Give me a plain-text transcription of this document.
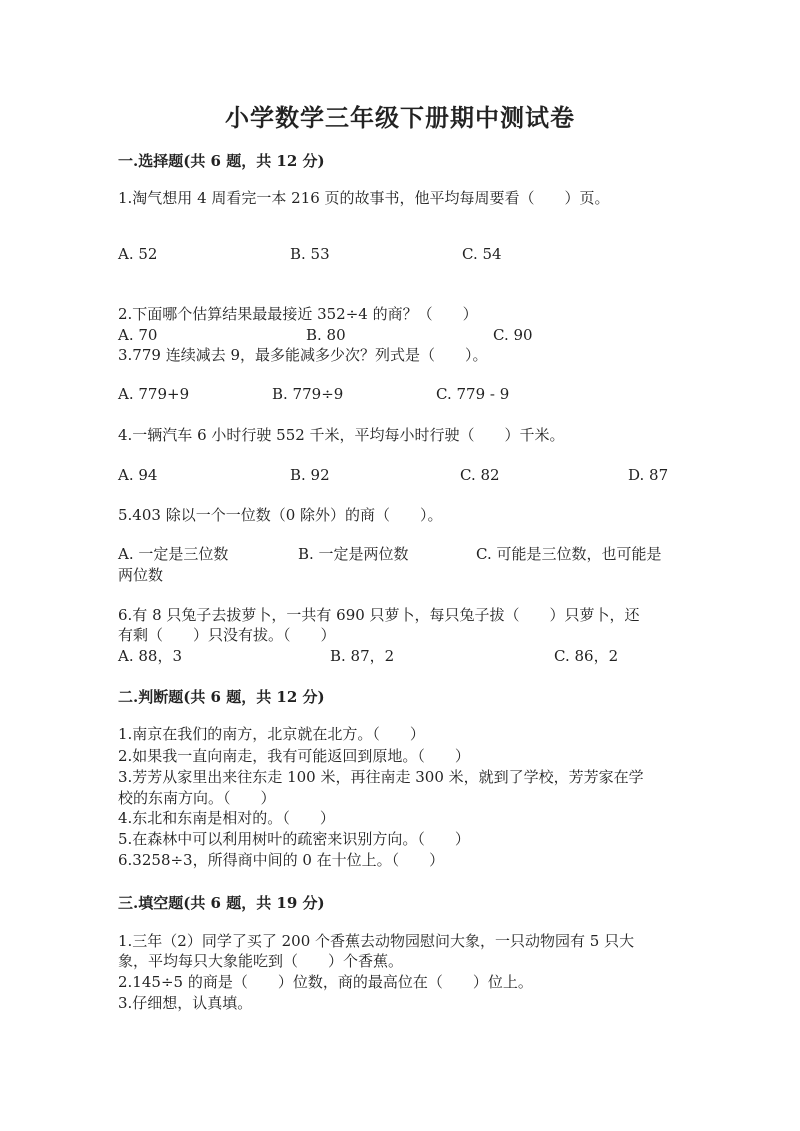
小学数学三年级下册期中测试卷
一.选择题(共 6 题，共 12 分)
1.淘气想用 4 周看完一本 216 页的故事书，他平均每周要看（　　）页。
A. 52	B. 53	C. 54
2.下面哪个估算结果最最接近 352÷4 的商？（　　）
A. 70	B. 80	C. 90
3.779 连续减去 9，最多能减多少次？列式是（　　）。
A. 779+9	B. 779÷9	C. 779 - 9
4.一辆汽车 6 小时行驶 552 千米，平均每小时行驶（　　）千米。
A. 94	B. 92	C. 82	D. 87
5.403 除以一个一位数（0 除外）的商（　　）。
A. 一定是三位数	B. 一定是两位数	C. 可能是三位数，也可能是
两位数
6.有 8 只兔子去拔萝卜，一共有 690 只萝卜，每只兔子拔（　　）只萝卜，还
有剩（　　）只没有拔。（　　）
A. 88，3	B. 87，2	C. 86，2
二.判断题(共 6 题，共 12 分)
1.南京在我们的南方，北京就在北方。（　　）
2.如果我一直向南走，我有可能返回到原地。（　　）
3.芳芳从家里出来往东走 100 米，再往南走 300 米，就到了学校，芳芳家在学
校的东南方向。（　　）
4.东北和东南是相对的。（　　）
5.在森林中可以利用树叶的疏密来识别方向。（　　）
6.3258÷3，所得商中间的 0 在十位上。（　　）
三.填空题(共 6 题，共 19 分)
1.三年（2）同学了买了 200 个香蕉去动物园慰问大象，一只动物园有 5 只大
象，平均每只大象能吃到（　　）个香蕉。
2.145÷5 的商是（　　）位数，商的最高位在（　　）位上。
3.仔细想，认真填。
